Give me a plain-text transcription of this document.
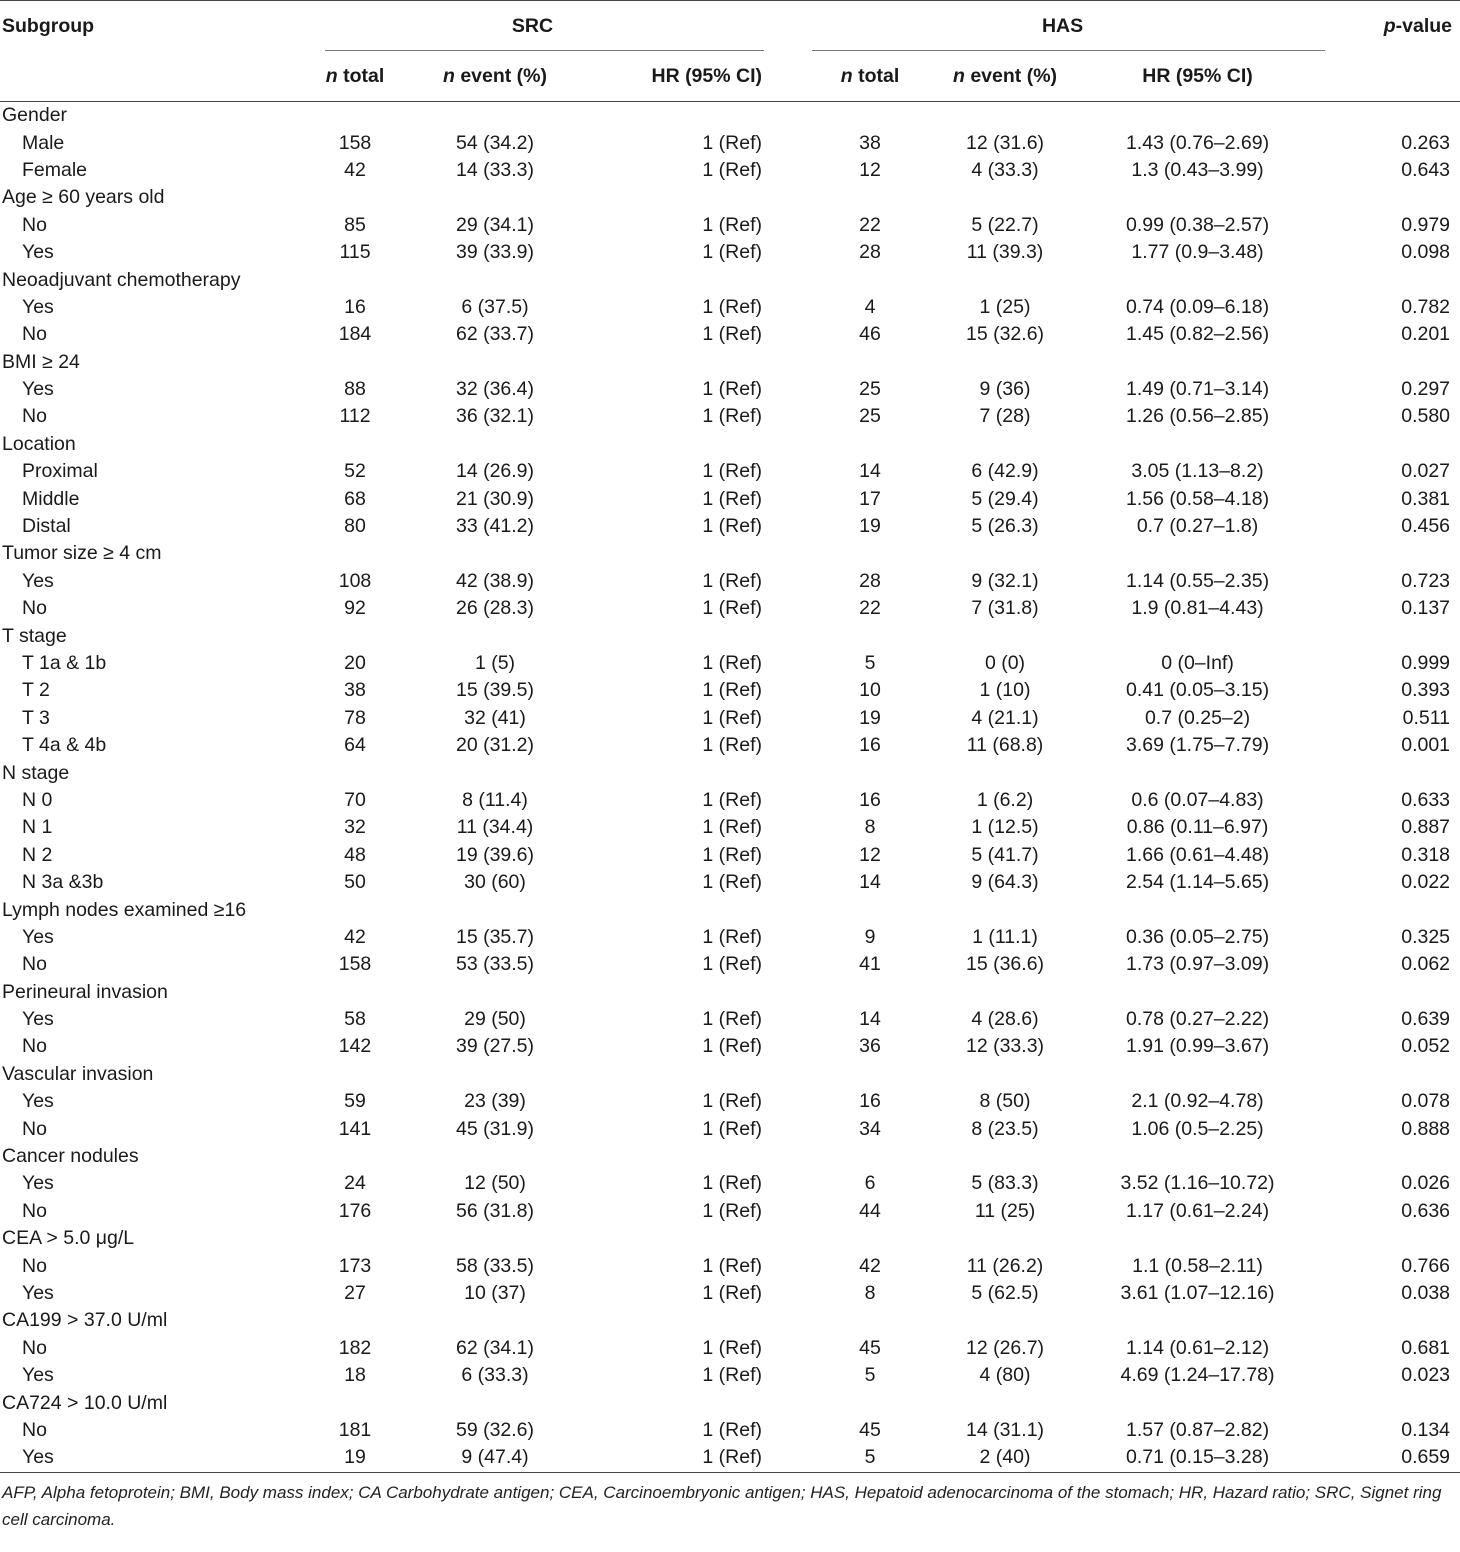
Subgroup	SRC				HAS			p-value
	n total	n event (%)	HR (95% CI)		n total	n event (%)	HR (95% CI)	
Gender								
Male	158	54 (34.2)	1 (Ref)		38	12 (31.6)	1.43 (0.76–2.69)	0.263
Female	42	14 (33.3)	1 (Ref)		12	4 (33.3)	1.3 (0.43–3.99)	0.643
Age ≥ 60 years old								
No	85	29 (34.1)	1 (Ref)		22	5 (22.7)	0.99 (0.38–2.57)	0.979
Yes	115	39 (33.9)	1 (Ref)		28	11 (39.3)	1.77 (0.9–3.48)	0.098
Neoadjuvant chemotherapy								
Yes	16	6 (37.5)	1 (Ref)		4	1 (25)	0.74 (0.09–6.18)	0.782
No	184	62 (33.7)	1 (Ref)		46	15 (32.6)	1.45 (0.82–2.56)	0.201
BMI ≥ 24								
Yes	88	32 (36.4)	1 (Ref)		25	9 (36)	1.49 (0.71–3.14)	0.297
No	112	36 (32.1)	1 (Ref)		25	7 (28)	1.26 (0.56–2.85)	0.580
Location								
Proximal	52	14 (26.9)	1 (Ref)		14	6 (42.9)	3.05 (1.13–8.2)	0.027
Middle	68	21 (30.9)	1 (Ref)		17	5 (29.4)	1.56 (0.58–4.18)	0.381
Distal	80	33 (41.2)	1 (Ref)		19	5 (26.3)	0.7 (0.27–1.8)	0.456
Tumor size ≥ 4 cm								
Yes	108	42 (38.9)	1 (Ref)		28	9 (32.1)	1.14 (0.55–2.35)	0.723
No	92	26 (28.3)	1 (Ref)		22	7 (31.8)	1.9 (0.81–4.43)	0.137
T stage								
T 1a & 1b	20	1 (5)	1 (Ref)		5	0 (0)	0 (0–Inf)	0.999
T 2	38	15 (39.5)	1 (Ref)		10	1 (10)	0.41 (0.05–3.15)	0.393
T 3	78	32 (41)	1 (Ref)		19	4 (21.1)	0.7 (0.25–2)	0.511
T 4a & 4b	64	20 (31.2)	1 (Ref)		16	11 (68.8)	3.69 (1.75–7.79)	0.001
N stage								
N 0	70	8 (11.4)	1 (Ref)		16	1 (6.2)	0.6 (0.07–4.83)	0.633
N 1	32	11 (34.4)	1 (Ref)		8	1 (12.5)	0.86 (0.11–6.97)	0.887
N 2	48	19 (39.6)	1 (Ref)		12	5 (41.7)	1.66 (0.61–4.48)	0.318
N 3a &3b	50	30 (60)	1 (Ref)		14	9 (64.3)	2.54 (1.14–5.65)	0.022
Lymph nodes examined ≥16								
Yes	42	15 (35.7)	1 (Ref)		9	1 (11.1)	0.36 (0.05–2.75)	0.325
No	158	53 (33.5)	1 (Ref)		41	15 (36.6)	1.73 (0.97–3.09)	0.062
Perineural invasion								
Yes	58	29 (50)	1 (Ref)		14	4 (28.6)	0.78 (0.27–2.22)	0.639
No	142	39 (27.5)	1 (Ref)		36	12 (33.3)	1.91 (0.99–3.67)	0.052
Vascular invasion								
Yes	59	23 (39)	1 (Ref)		16	8 (50)	2.1 (0.92–4.78)	0.078
No	141	45 (31.9)	1 (Ref)		34	8 (23.5)	1.06 (0.5–2.25)	0.888
Cancer nodules								
Yes	24	12 (50)	1 (Ref)		6	5 (83.3)	3.52 (1.16–10.72)	0.026
No	176	56 (31.8)	1 (Ref)		44	11 (25)	1.17 (0.61–2.24)	0.636
CEA > 5.0 μg/L								
No	173	58 (33.5)	1 (Ref)		42	11 (26.2)	1.1 (0.58–2.11)	0.766
Yes	27	10 (37)	1 (Ref)		8	5 (62.5)	3.61 (1.07–12.16)	0.038
CA199 > 37.0 U/ml								
No	182	62 (34.1)	1 (Ref)		45	12 (26.7)	1.14 (0.61–2.12)	0.681
Yes	18	6 (33.3)	1 (Ref)		5	4 (80)	4.69 (1.24–17.78)	0.023
CA724 > 10.0 U/ml								
No	181	59 (32.6)	1 (Ref)		45	14 (31.1)	1.57 (0.87–2.82)	0.134
Yes	19	9 (47.4)	1 (Ref)		5	2 (40)	0.71 (0.15–3.28)	0.659
AFP, Alpha fetoprotein; BMI, Body mass index; CA Carbohydrate antigen; CEA, Carcinoembryonic antigen; HAS, Hepatoid adenocarcinoma of the stomach; HR, Hazard ratio; SRC, Signet ring cell carcinoma.
